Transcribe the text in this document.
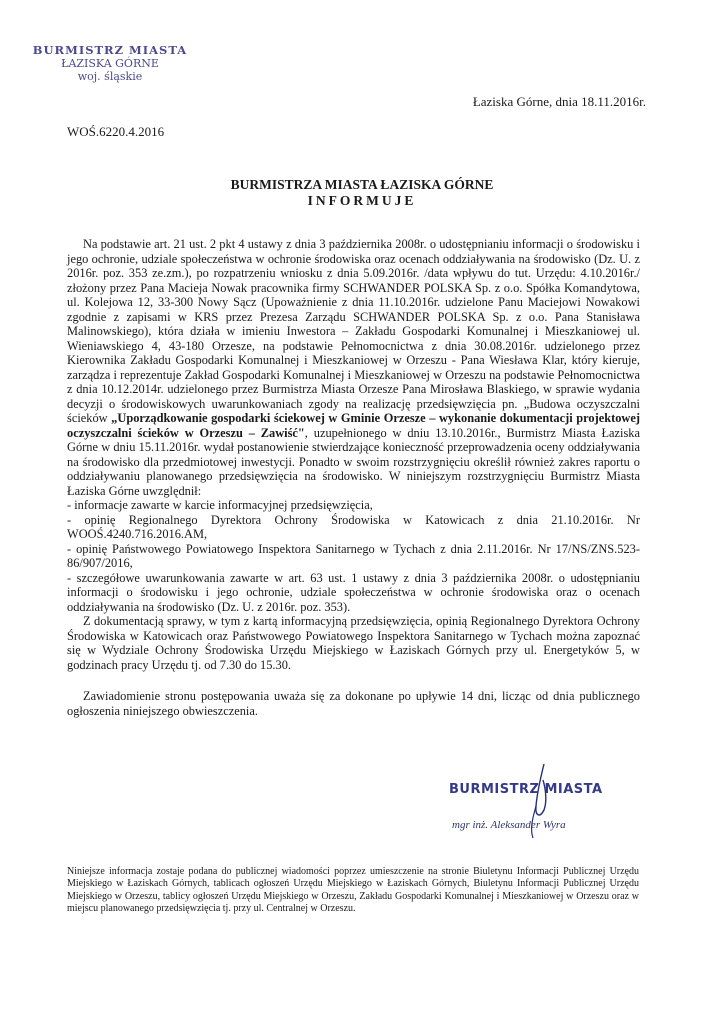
BURMISTRZ MIASTA
ŁAZISKA GÓRNE
woj. śląskie
Łaziska Górne, dnia 18.11.2016r.
WOŚ.6220.4.2016
BURMISTRZA MIASTA ŁAZISKA GÓRNE
INFORMUJE

Na podstawie art. 21 ust. 2 pkt 4 ustawy z dnia 3 października 2008r. o udostępnianiu informacji o środowisku i jego ochronie, udziale społeczeństwa w ochronie środowiska oraz ocenach oddziaływania na środowisko (Dz. U. z 2016r. poz. 353 ze.zm.), po rozpatrzeniu wniosku z dnia 5.09.2016r. /data wpływu do tut. Urzędu: 4.10.2016r./ złożony przez Pana Macieja Nowak pracownika firmy SCHWANDER POLSKA Sp. z o.o. Spółka Komandytowa, ul. Kolejowa 12, 33-300 Nowy Sącz (Upoważnienie z dnia 11.10.2016r. udzielone Panu Maciejowi Nowakowi zgodnie z zapisami w KRS przez Prezesa Zarządu SCHWANDER POLSKA Sp. z o.o. Pana Stanisława Malinowskiego), która działa w imieniu Inwestora – Zakładu Gospodarki Komunalnej i Mieszkaniowej ul. Wieniawskiego 4, 43-180 Orzesze, na podstawie Pełnomocnictwa z dnia 30.08.2016r. udzielonego przez Kierownika Zakładu Gospodarki Komunalnej i Mieszkaniowej w Orzeszu - Pana Wiesława Klar, który kieruje, zarządza i reprezentuje Zakład Gospodarki Komunalnej i Mieszkaniowej w Orzeszu na podstawie Pełnomocnictwa z dnia 10.12.2014r. udzielonego przez Burmistrza Miasta Orzesze Pana Mirosława Blaskiego, w sprawie wydania decyzji o środowiskowych uwarunkowaniach zgody na realizację przedsięwzięcia pn. „Budowa oczyszczalni ścieków „Uporządkowanie gospodarki ściekowej w Gminie Orzesze – wykonanie dokumentacji projektowej oczyszczalni ścieków w Orzeszu – Zawiść", uzupełnionego w dniu 13.10.2016r., Burmistrz Miasta Łaziska Górne w dniu 15.11.2016r. wydał postanowienie stwierdzające konieczność przeprowadzenia oceny oddziaływania na środowisko dla przedmiotowej inwestycji. Ponadto w swoim rozstrzygnięciu określił również zakres raportu o oddziaływaniu planowanego przedsięwzięcia na środowisko. W niniejszym rozstrzygnięciu Burmistrz Miasta Łaziska Górne uwzględnił:

- informacje zawarte w karcie informacyjnej przedsięwzięcia,

- opinię Regionalnego Dyrektora Ochrony Środowiska w Katowicach z dnia 21.10.2016r. Nr WOOŚ.4240.716.2016.AM,

- opinię Państwowego Powiatowego Inspektora Sanitarnego w Tychach z dnia 2.11.2016r. Nr 17/NS/ZNS.523-86/907/2016,

- szczegółowe uwarunkowania zawarte w art. 63 ust. 1 ustawy z dnia 3 października 2008r. o udostępnianiu informacji o środowisku i jego ochronie, udziale społeczeństwa w ochronie środowiska oraz o ocenach oddziaływania na środowisko (Dz. U. z 2016r. poz. 353).

Z dokumentacją sprawy, w tym z kartą informacyjną przedsięwzięcia, opinią Regionalnego Dyrektora Ochrony Środowiska w Katowicach oraz Państwowego Powiatowego Inspektora Sanitarnego w Tychach można zapoznać się w Wydziale Ochrony Środowiska Urzędu Miejskiego w Łaziskach Górnych przy ul. Energetyków 5, w godzinach pracy Urzędu tj. od 7.30 do 15.30.

Zawiadomienie stronu postępowania uważa się za dokonane po upływie 14 dni, licząc od dnia publicznego ogłoszenia niniejszego obwieszczenia.

BURMISTRZ MIASTA
mgr inż. Aleksander Wyra
Niniejsze informacja zostaje podana do publicznej wiadomości poprzez umieszczenie na stronie Biuletynu Informacji Publicznej Urzędu Miejskiego w Łaziskach Górnych, tablicach ogłoszeń Urzędu Miejskiego w Łaziskach Górnych, Biuletynu Informacji Publicznej Urzędu Miejskiego w Orzeszu, tablicy ogłoszeń Urzędu Miejskiego w Orzeszu, Zakładu Gospodarki Komunalnej i Mieszkaniowej w Orzeszu oraz w miejscu planowanego przedsięwzięcia tj. przy ul. Centralnej w Orzeszu.
